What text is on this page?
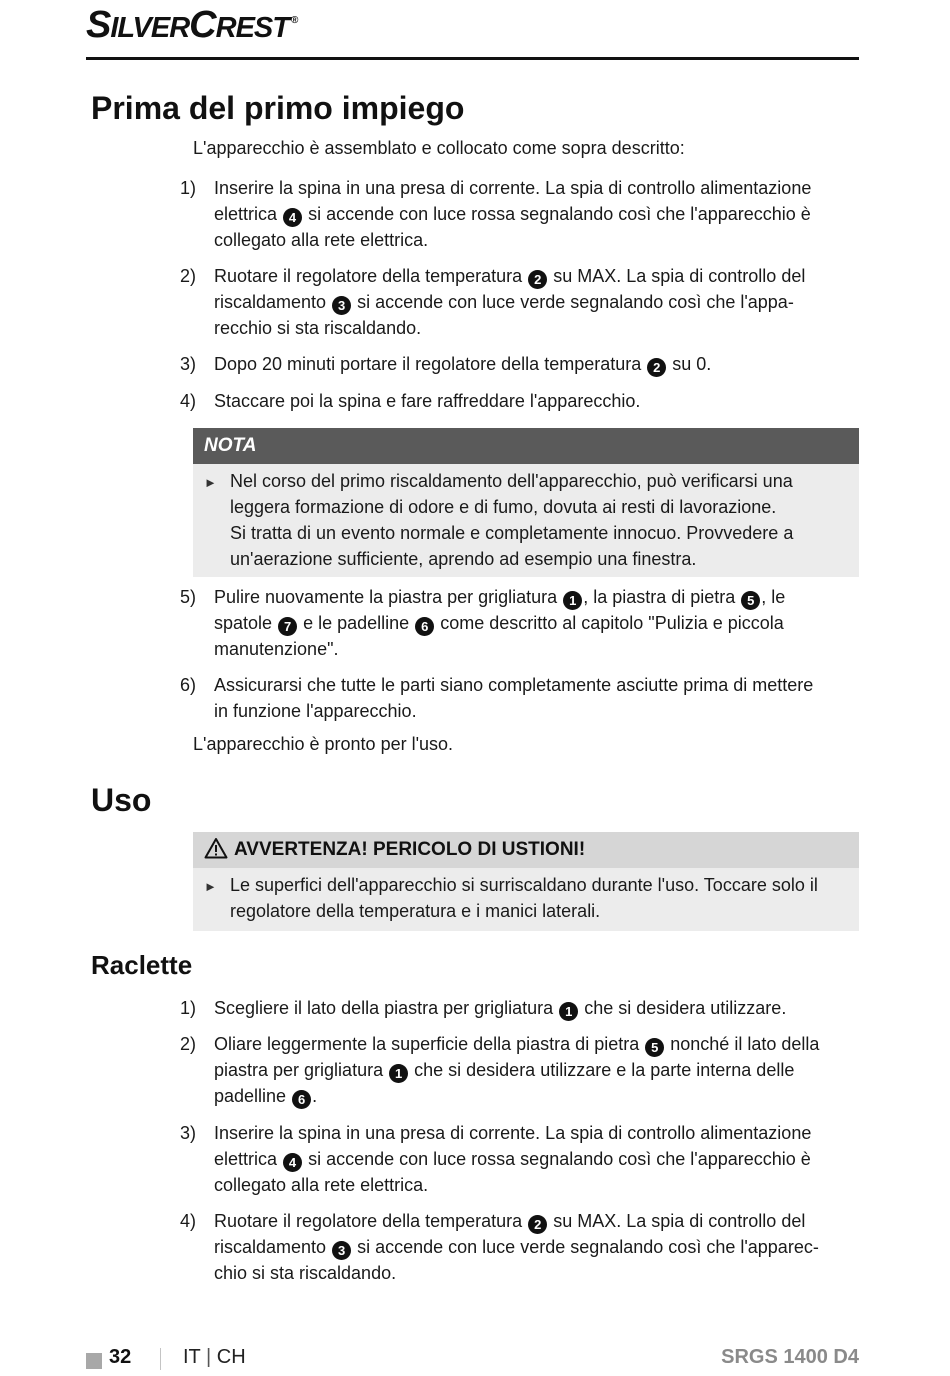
SILVERCREST ®
Prima del primo impiego

L'apparecchio è assemblato e collocato come sopra descritto:

1) Inserire la spina in una presa di corrente. La spia di controllo alimentazione
elettrica 4 si accende con luce rossa segnalando così che l'apparecchio è
collegato alla rete elettrica.
2) Ruotare il regolatore della temperatura 2 su MAX. La spia di controllo del
riscaldamento 3 si accende con luce verde segnalando così che l'appa-
recchio si sta riscaldando.
3) Dopo 20 minuti portare il regolatore della temperatura 2 su 0.
4) Staccare poi la spina e fare raffreddare l'apparecchio.
NOTA
► Nel corso del primo riscaldamento dell'apparecchio, può verificarsi una
leggera formazione di odore e di fumo, dovuta ai resti di lavorazione.
Si tratta di un evento normale e completamente innocuo. Provvedere a
un'aerazione sufficiente, aprendo ad esempio una finestra.
5) Pulire nuovamente la piastra per grigliatura 1 , la piastra di pietra 5 , le
spatole 7 e le padelline 6 come descritto al capitolo "Pulizia e piccola
manutenzione".
6) Assicurarsi che tutte le parti siano completamente asciutte prima di mettere
in funzione l'apparecchio.

L'apparecchio è pronto per l'uso.

Uso
AVVERTENZA! PERICOLO DI USTIONI!
► Le superfici dell'apparecchio si surriscaldano durante l'uso. Toccare solo il
regolatore della temperatura e i manici laterali.
Raclette
1) Scegliere il lato della piastra per grigliatura 1 che si desidera utilizzare.
2) Oliare leggermente la superficie della piastra di pietra 5 nonché il lato della
piastra per grigliatura 1 che si desidera utilizzare e la parte interna delle
padelline 6 .
3) Inserire la spina in una presa di corrente. La spia di controllo alimentazione
elettrica 4 si accende con luce rossa segnalando così che l'apparecchio è
collegato alla rete elettrica.
4) Ruotare il regolatore della temperatura 2 su MAX. La spia di controllo del
riscaldamento 3 si accende con luce verde segnalando così che l'apparec-
chio si sta riscaldando.
32	IT | CH	SRGS 1400 D4
